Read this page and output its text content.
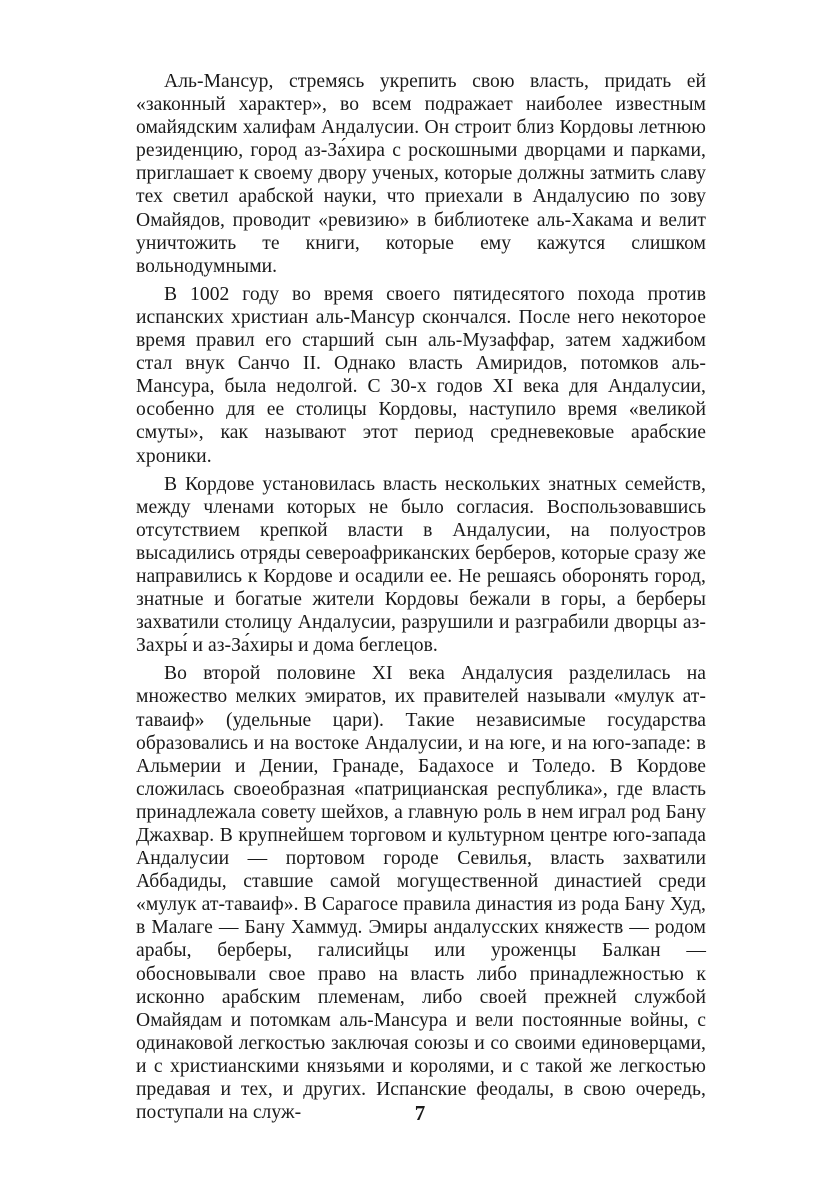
Аль-Мансур, стремясь укрепить свою власть, придать ей «законный характер», во всем подражает наиболее известным омайядским халифам Андалусии. Он строит близ Кордовы летнюю резиденцию, город аз-За́хира с роскошными дворцами и парками, приглашает к своему двору ученых, которые должны затмить славу тех светил арабской науки, что приехали в Андалусию по зову Омайядов, проводит «ревизию» в библиотеке аль-Хакама и велит уничтожить те книги, которые ему кажутся слишком вольнодумными.

В 1002 году во время своего пятидесятого похода против испанских христиан аль-Мансур скончался. После него некоторое время правил его старший сын аль-Музаффар, затем хаджибом стал внук Санчо II. Однако власть Амиридов, потомков аль-Мансура, была недолгой. С 30-х годов XI века для Андалусии, особенно для ее столицы Кордовы, наступило время «великой смуты», как называют этот период средневековые арабские хроники.

В Кордове установилась власть нескольких знатных семейств, между членами которых не было согласия. Воспользовавшись отсутствием крепкой власти в Андалусии, на полуостров высадились отряды североафриканских берберов, которые сразу же направились к Кордове и осадили ее. Не решаясь оборонять город, знатные и богатые жители Кордовы бежали в горы, а берберы захватили столицу Андалусии, разрушили и разграбили дворцы аз-Захры́ и аз-За́хиры и дома беглецов.

Во второй половине XI века Андалусия разделилась на множество мелких эмиратов, их правителей называли «мулук ат-таваиф» (удельные цари). Такие независимые государства образовались и на востоке Андалусии, и на юге, и на юго-западе: в Альмерии и Дении, Гранаде, Бадахосе и Толедо. В Кордове сложилась своеобразная «патрицианская республика», где власть принадлежала совету шейхов, а главную роль в нем играл род Бану Джахвар. В крупнейшем торговом и культурном центре юго-запада Андалусии — портовом городе Севилья, власть захватили Аббадиды, ставшие самой могущественной династией среди «мулук ат-таваиф». В Сарагосе правила династия из рода Бану Худ, в Малаге — Бану Хаммуд. Эмиры андалусских княжеств — родом арабы, берберы, галисийцы или уроженцы Балкан — обосновывали свое право на власть либо принадлежностью к исконно арабским племенам, либо своей прежней службой Омайядам и потомкам аль-Мансура и вели постоянные войны, с одинаковой легкостью заключая союзы и со своими единоверцами, и с христианскими князьями и королями, и с такой же легкостью предавая и тех, и других. Испанские феодалы, в свою очередь, поступали на служ-	7
